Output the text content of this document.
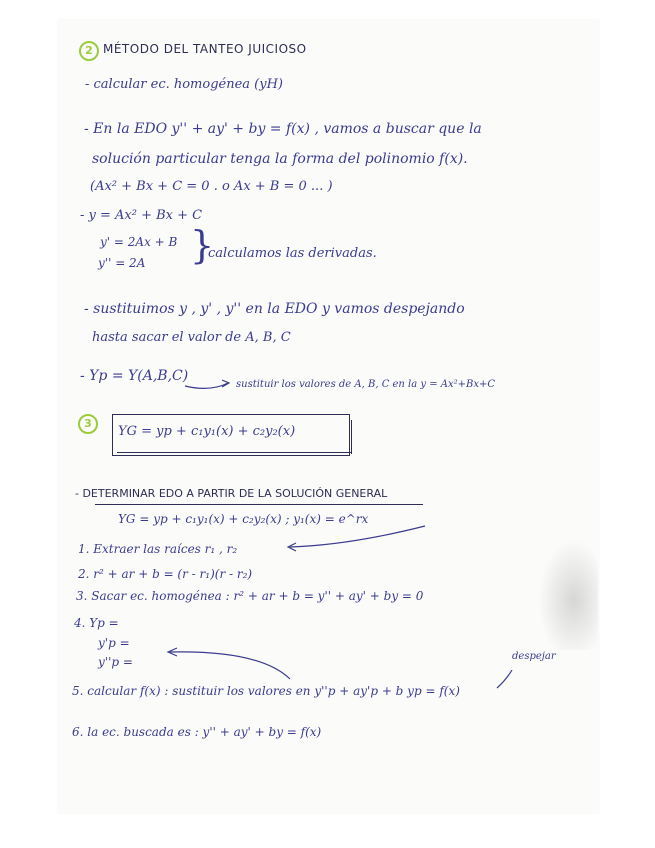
2 MÉTODO DEL TANTEO JUICIOSO
- calcular ec. homogénea (yH)
- En la EDO y'' + ay' + by = f(x) , vamos a buscar que la
solución particular tenga la forma del polinomio f(x).
(Ax² + Bx + C = 0 . o Ax + B = 0 ... )
- y = Ax² + Bx + C
y' = 2Ax + B
y'' = 2A }
calculamos las derivadas.
- sustituimos y , y' , y'' en la EDO y vamos despejando
hasta sacar el valor de A, B, C
- Yp = Y(A,B,C)
sustituir los valores de A, B, C en la y = Ax²+Bx+C
3
YG = yp + c₁y₁(x) + c₂y₂(x)
- DETERMINAR EDO A PARTIR DE LA SOLUCIÓN GENERAL
YG = yp + c₁y₁(x) + c₂y₂(x) ; y₁(x) = e^rx
1. Extraer las raíces r₁ , r₂
2. r² + ar + b = (r - r₁)(r - r₂)
3. Sacar ec. homogénea : r² + ar + b = y'' + ay' + by = 0
4. Yp =
y'p =
y''p =
5. calcular f(x) : sustituir los valores en y''p + ay'p + b yp = f(x)
despejar
6. la ec. buscada es : y'' + ay' + by = f(x)
